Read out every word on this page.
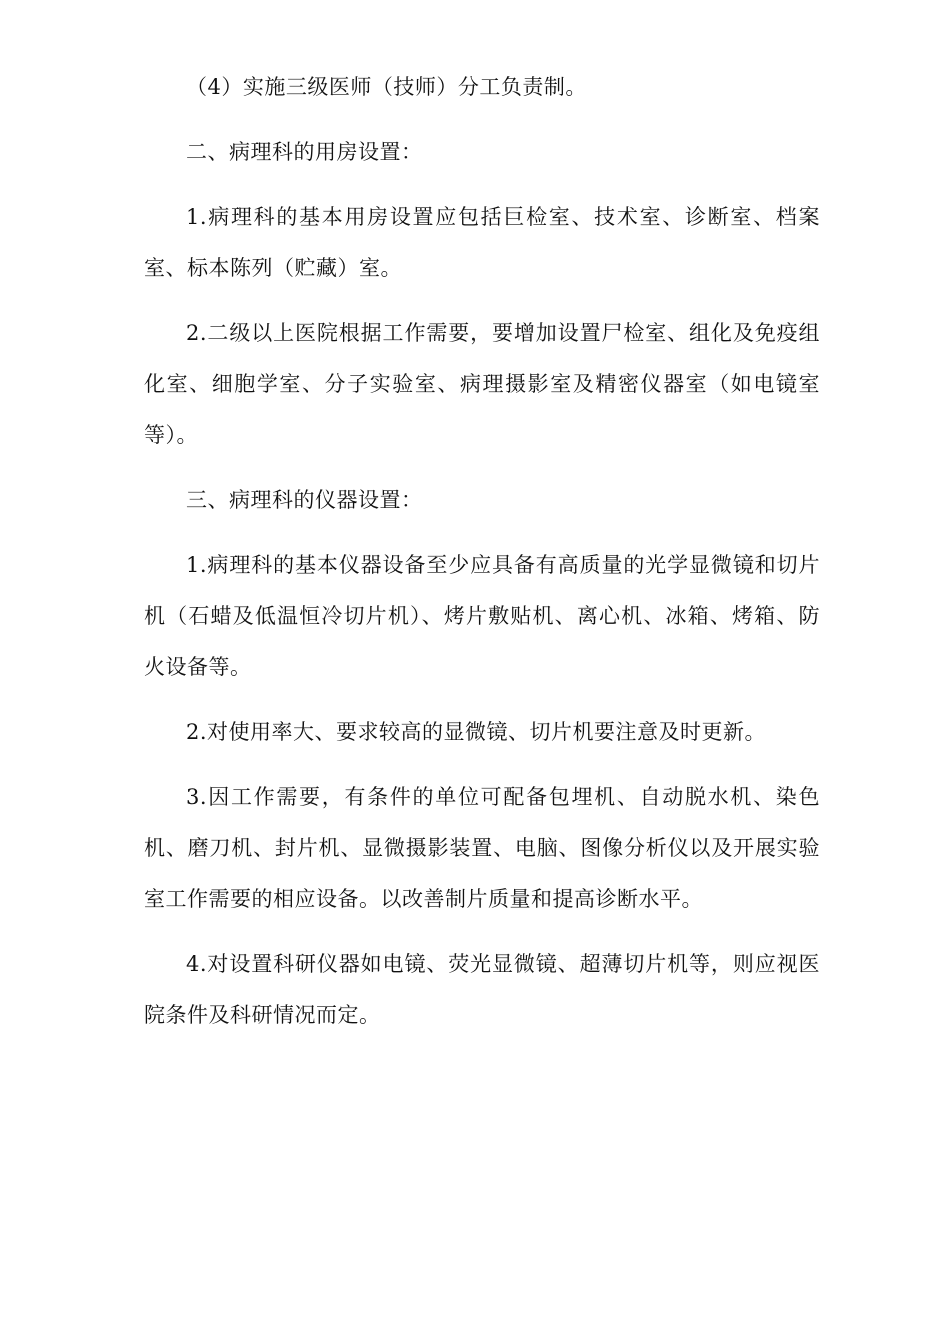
（4）实施三级医师（技师）分工负责制。

二、病理科的用房设置：

1.病理科的基本用房设置应包括巨检室、技术室、诊断室、档案室、标本陈列（贮藏）室。

2.二级以上医院根据工作需要，要增加设置尸检室、组化及免疫组化室、细胞学室、分子实验室、病理摄影室及精密仪器室（如电镜室等）。

三、病理科的仪器设置：

1.病理科的基本仪器设备至少应具备有高质量的光学显微镜和切片机（石蜡及低温恒冷切片机）、烤片敷贴机、离心机、冰箱、烤箱、防火设备等。

2.对使用率大、要求较高的显微镜、切片机要注意及时更新。

3.因工作需要，有条件的单位可配备包埋机、自动脱水机、染色机、磨刀机、封片机、显微摄影装置、电脑、图像分析仪以及开展实验室工作需要的相应设备。以改善制片质量和提高诊断水平。

4.对设置科研仪器如电镜、荧光显微镜、超薄切片机等，则应视医院条件及科研情况而定。
